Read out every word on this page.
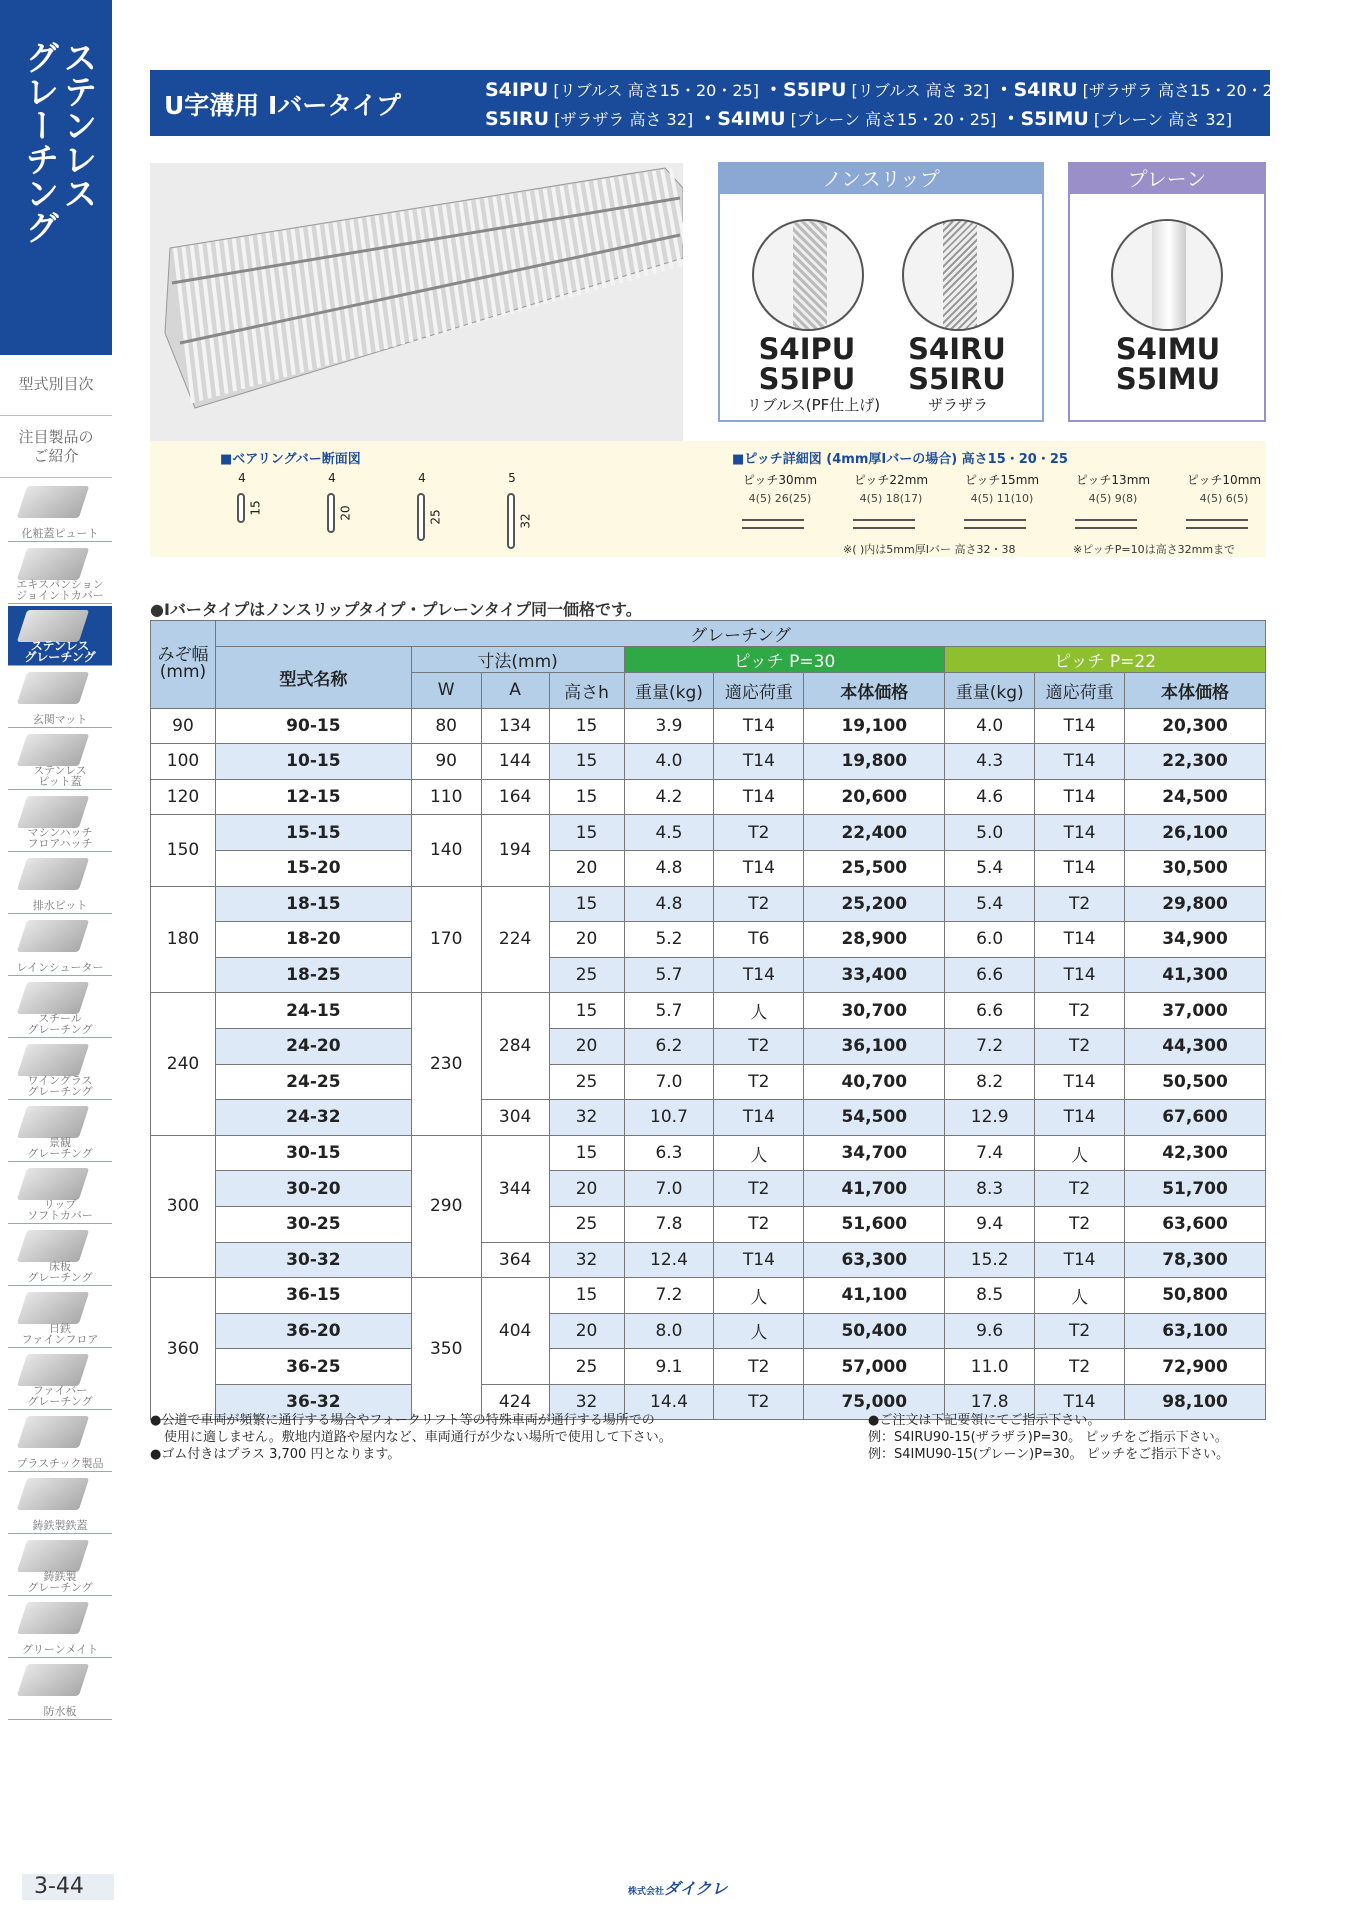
ステンレス
グレーチング
型式別目次
注目製品の
ご紹介
化粧蓋ピュート
エキスパンション
ジョイントカバー
ステンレス
グレーチング
玄関マット
ステンレス
ピット蓋
マシンハッチ
フロアハッチ
排水ピット
レインシューター
スチール
グレーチング
ワイングラス
グレーチング
景観
グレーチング
リップ
ソフトカバー
床板
グレーチング
日鉄
ファインフロア
ファイバー
グレーチング
プラスチック製品
鋳鉄製鉄蓋
鋳鉄製
グレーチング
グリーンメイト
防水板
3-44
U字溝用 Iバータイプ
S4IPU [リブルス 高さ15・20・25] ・S5IPU [リブルス 高さ 32] ・S4IRU [ザラザラ 高さ15・20・25]
S5IRU [ザラザラ 高さ 32] ・S4IMU [プレーン 高さ15・20・25] ・S5IMU [プレーン 高さ 32]
ノンスリップ
S4IPU
S5IPU
S4IRU
S5IRU
リブルス(PF仕上げ)	ザラザラ
プレーン
S4IMU
S5IMU
■ベアリングバー断面図
4
15
4
20
4
25
5
32
■ピッチ詳細図 (4mm厚Iバーの場合) 高さ15・20・25
ピッチ30mm
4(5) 26(25)
ピッチ22mm
4(5) 18(17)
ピッチ15mm
4(5) 11(10)
ピッチ13mm
4(5) 9(8)
ピッチ10mm
4(5) 6(5)
※( )内は5mm厚Iバー 高さ32・38	※ピッチP=10は高さ32mmまで
●Iバータイプはノンスリップタイプ・プレーンタイプ同一価格です。
みぞ幅
(mm)	グレーチング									
	型式名称	寸法(mm)			ピッチ P=30			ピッチ P=22		
		W	A	高さh	重量(kg)	適応荷重	本体価格	重量(kg)	適応荷重	本体価格
90	90-15	80	134	15	3.9	T14	19,100	4.0	T14	20,300
100	10-15	90	144	15	4.0	T14	19,800	4.3	T14	22,300
120	12-15	110	164	15	4.2	T14	20,600	4.6	T14	24,500
150	15-15	140	194	15	4.5	T2	22,400	5.0	T14	26,100
	15-20			20	4.8	T14	25,500	5.4	T14	30,500
180	18-15	170	224	15	4.8	T2	25,200	5.4	T2	29,800
	18-20			20	5.2	T6	28,900	6.0	T14	34,900
	18-25			25	5.7	T14	33,400	6.6	T14	41,300
240	24-15	230	284	15	5.7	人	30,700	6.6	T2	37,000
	24-20			20	6.2	T2	36,100	7.2	T2	44,300
	24-25			25	7.0	T2	40,700	8.2	T14	50,500
	24-32		304	32	10.7	T14	54,500	12.9	T14	67,600
300	30-15	290	344	15	6.3	人	34,700	7.4	人	42,300
	30-20			20	7.0	T2	41,700	8.3	T2	51,700
	30-25			25	7.8	T2	51,600	9.4	T2	63,600
	30-32		364	32	12.4	T14	63,300	15.2	T14	78,300
360	36-15	350	404	15	7.2	人	41,100	8.5	人	50,800
	36-20			20	8.0	人	50,400	9.6	T2	63,100
	36-25			25	9.1	T2	57,000	11.0	T2	72,900
	36-32		424	32	14.4	T2	75,000	17.8	T14	98,100
●公道で車両が頻繁に通行する場合やフォークリフト等の特殊車両が通行する場所での
使用に適しません。敷地内道路や屋内など、車両通行が少ない場所で使用して下さい。
●ゴム付きはプラス 3,700 円となります。
●ご注文は下記要領にてご指示下さい。
例：S4IRU90-15(ザラザラ)P=30。 ピッチをご指示下さい。
例：S4IMU90-15(プレーン)P=30。 ピッチをご指示下さい。
株式会社ダイクレ
